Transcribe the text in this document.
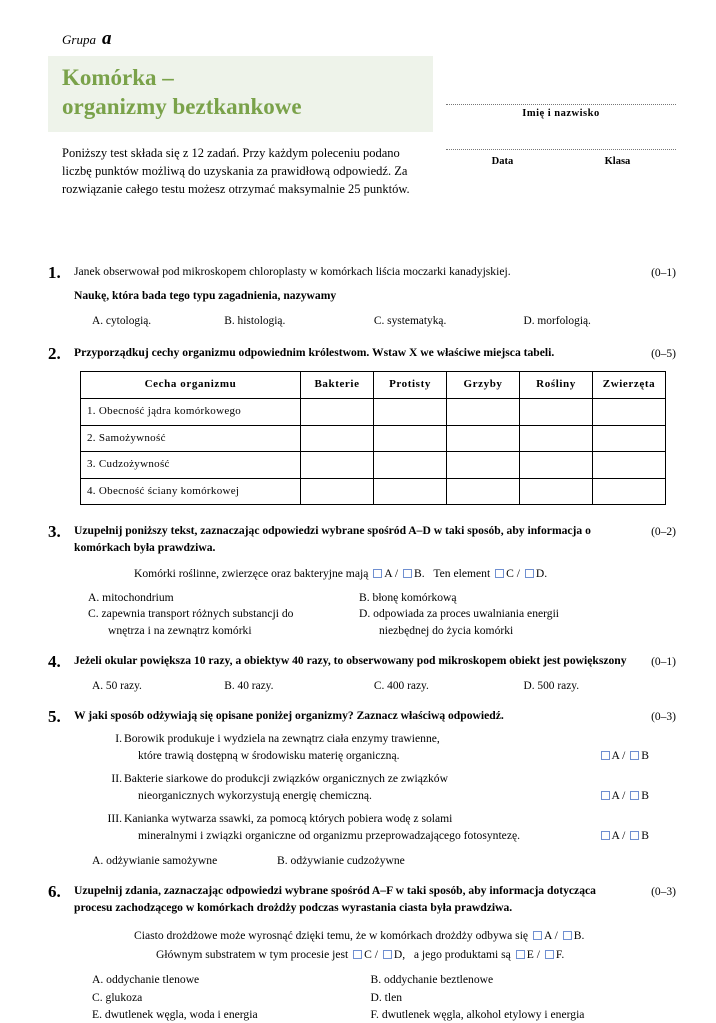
Grupa a
Komórka –
organizmy beztkankowe
Poniższy test składa się z 12 zadań. Przy każdym poleceniu podano liczbę punktów możliwą do uzyskania za prawidłową odpowiedź. Za rozwiązanie całego testu możesz otrzymać maksymalnie 25 punktów.
Imię i nazwisko
Data	Klasa
1.	(0–1)
Janek obserwował pod mikroskopem chloroplasty w komórkach liścia moczarki kanadyjskiej.
Naukę, która bada tego typu zagadnienia, nazywamy
A. cytologią.	B. histologią.	C. systematyką.	D. morfologią.
2.	(0–5)
Przyporządkuj cechy organizmu odpowiednim królestwom. Wstaw X we właściwe miejsca tabeli.
Cecha organizmu	Bakterie	Protisty	Grzyby	Rośliny	Zwierzęta
1. Obecność jądra komórkowego					
2. Samożywność					
3. Cudzożywność					
4. Obecność ściany komórkowej					
3.	(0–2)
Uzupełnij poniższy tekst, zaznaczając odpowiedzi wybrane spośród A–D w taki sposób, aby informacja o komórkach była prawdziwa.
Komórki roślinne, zwierzęce oraz bakteryjne mają A / B. Ten element C / D.
A. mitochondrium
C. zapewnia transport różnych substancji do
wnętrza i na zewnątrz komórki
B. błonę komórkową
D. odpowiada za proces uwalniania energii
niezbędnej do życia komórki
4.	(0–1)
Jeżeli okular powiększa 10 razy, a obiektyw 40 razy, to obserwowany pod mikroskopem obiekt jest powiększony
A. 50 razy.	B. 40 razy.	C. 400 razy.	D. 500 razy.
5.	(0–3)
W jaki sposób odżywiają się opisane poniżej organizmy? Zaznacz właściwą odpowiedź.
I. Borowik produkuje i wydziela na zewnątrz ciała enzymy trawienne,
które trawią dostępną w środowisku materię organiczną.	A / B
II. Bakterie siarkowe do produkcji związków organicznych ze związków
nieorganicznych wykorzystują energię chemiczną.	A / B
III. Kanianka wytwarza ssawki, za pomocą których pobiera wodę z solami
mineralnymi i związki organiczne od organizmu przeprowadzającego fotosyntezę.	A / B
A. odżywianie samożywne	B. odżywianie cudzożywne
6.	(0–3)
Uzupełnij zdania, zaznaczając odpowiedzi wybrane spośród A–F w taki sposób, aby informacja dotycząca procesu zachodzącego w komórkach drożdży podczas wyrastania ciasta była prawdziwa.
Ciasto drożdżowe może wyrosnąć dzięki temu, że w komórkach drożdży odbywa się A / B.
Głównym substratem w tym procesie jest C / D, a jego produktami są E / F.
A. oddychanie tlenowe
C. glukoza
E. dwutlenek węgla, woda i energia
B. oddychanie beztlenowe
D. tlen
F. dwutlenek węgla, alkohol etylowy i energia
